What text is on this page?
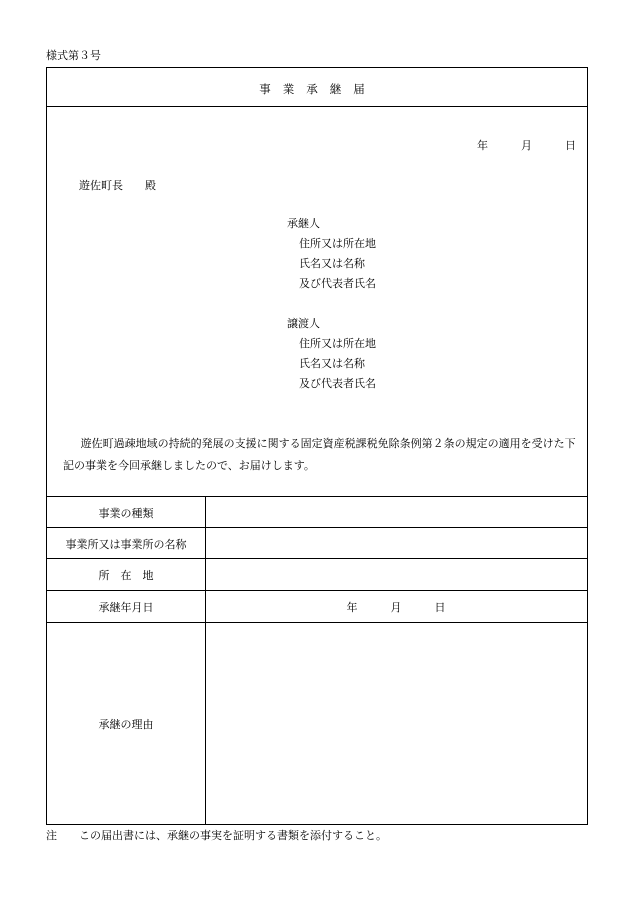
様式第３号
事業承継届
年	月	日
遊佐町長　　殿
承継人
住所又は所在地
氏名又は名称
及び代表者氏名
譲渡人
住所又は所在地
氏名又は名称
及び代表者氏名
遊佐町過疎地域の持続的発展の支援に関する固定資産税課税免除条例第２条の規定の適用を受けた下記の事業を今回承継しましたので、お届けします。
事業の種類
事業所又は事業所の名称
所　在　地
承継年月日	年　　　月　　　日
承継の理由
注　　この届出書には、承継の事実を証明する書類を添付すること。
